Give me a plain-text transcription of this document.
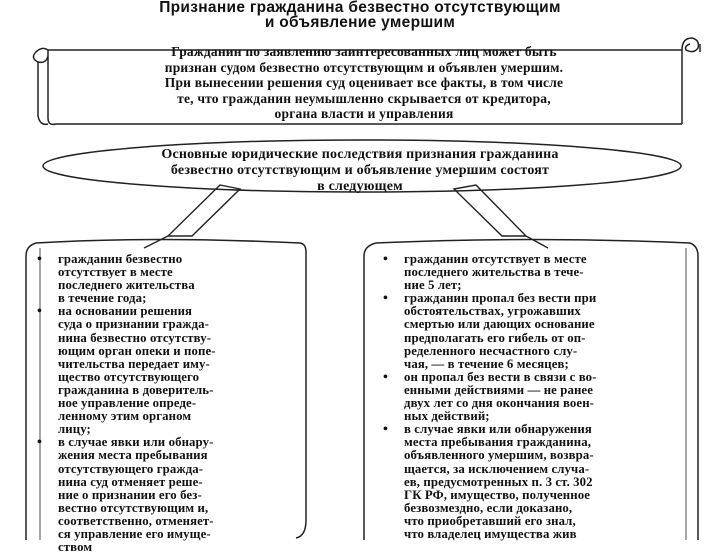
Признание гражданина безвестно отсутствующим
и объявление умершим
Гражданин по заявлению заинтересованных лиц может быть
признан судом безвестно отсутствующим и объявлен умершим.
При вынесении решения суд оценивает все факты, в том числе
те, что гражданин неумышленно скрывается от кредитора,
органа власти и управления
Основные юридические последствия признания гражданина
безвестно отсутствующим и объявление умершим состоят
в следующем
• гражданин безвестно
отсутствует в месте
последнего жительства
в течение года;
• на основании решения
суда о признании гражда-
нина безвестно отсутству-
ющим орган опеки и попе-
чительства передает иму-
щество отсутствующего
гражданина в доверитель-
ное управление опреде-
ленному этим органом
лицу;
• в случае явки или обнару-
жения места пребывания
отсутствующего гражда-
нина суд отменяет реше-
ние о признании его без-
вестно отсутствующим и,
соответственно, отменяет-
ся управление его имуще-
ством
• гражданин отсутствует в месте
последнего жительства в тече-
ние 5 лет;
• гражданин пропал без вести при
обстоятельствах, угрожавших
смертью или дающих основание
предполагать его гибель от оп-
ределенного несчастного слу-
чая, — в течение 6 месяцев;
• он пропал без вести в связи с во-
енными действиями — не ранее
двух лет со дня окончания воен-
ных действий;
• в случае явки или обнаружения
места пребывания гражданина,
объявленного умершим, возвра-
щается, за исключением случа-
ев, предусмотренных п. 3 ст. 302
ГК РФ, имущество, полученное
безвозмездно, если доказано,
что приобретавший его знал,
что владелец имущества жив
